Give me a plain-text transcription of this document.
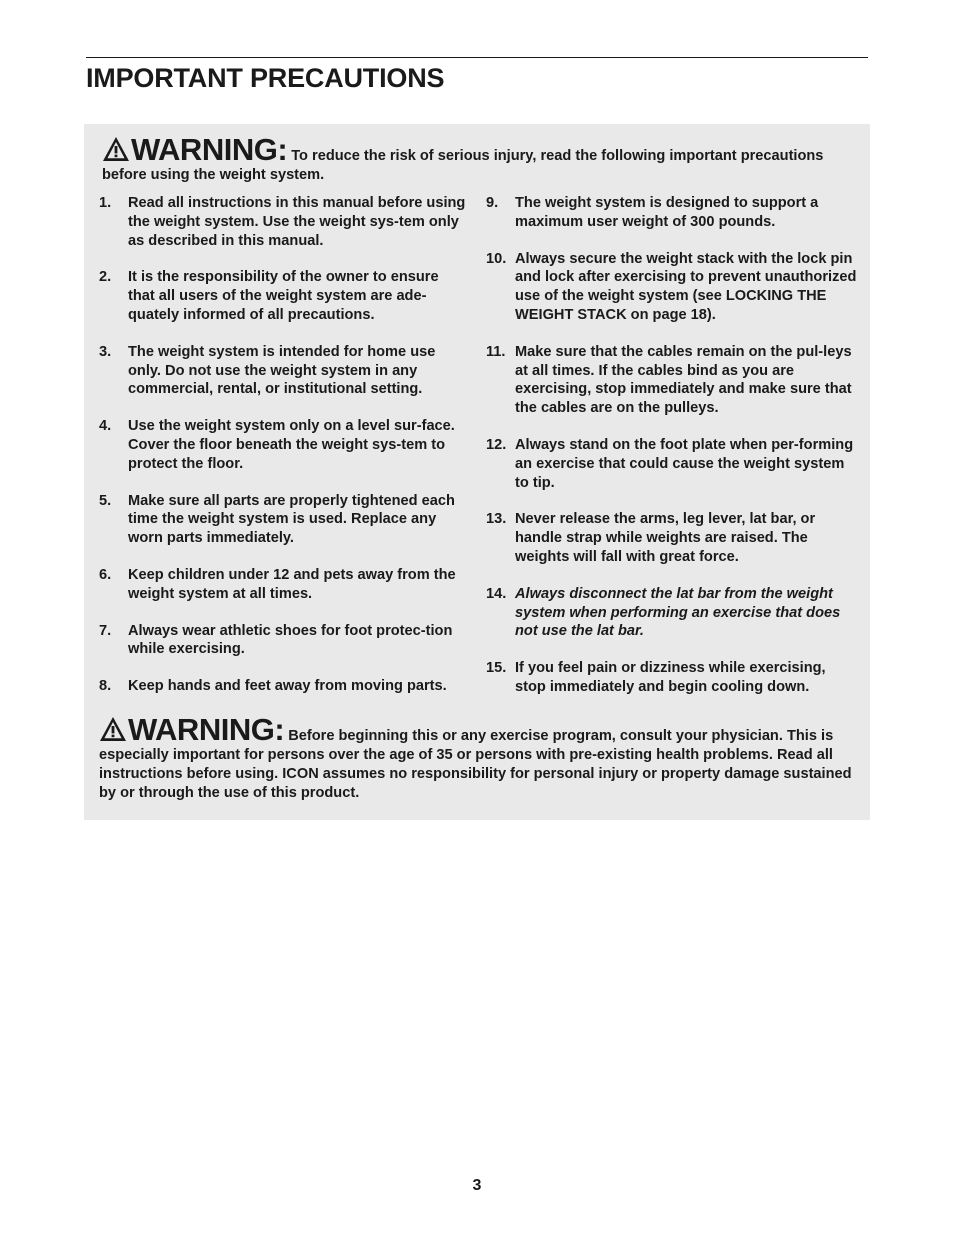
IMPORTANT PRECAUTIONS
WARNING: To reduce the risk of serious injury, read the following important precautions before using the weight system.
1. Read all instructions in this manual before using the weight system. Use the weight sys-tem only as described in this manual.
2. It is the responsibility of the owner to ensure that all users of the weight system are ade-quately informed of all precautions.
3. The weight system is intended for home use only. Do not use the weight system in any commercial, rental, or institutional setting.
4. Use the weight system only on a level sur-face. Cover the floor beneath the weight sys-tem to protect the floor.
5. Make sure all parts are properly tightened each time the weight system is used. Replace any worn parts immediately.
6. Keep children under 12 and pets away from the weight system at all times.
7. Always wear athletic shoes for foot protec-tion while exercising.
8. Keep hands and feet away from moving parts.
9. The weight system is designed to support a maximum user weight of 300 pounds.
10. Always secure the weight stack with the lock pin and lock after exercising to prevent unauthorized use of the weight system (see LOCKING THE WEIGHT STACK on page 18).
11. Make sure that the cables remain on the pul-leys at all times. If the cables bind as you are exercising, stop immediately and make sure that the cables are on the pulleys.
12. Always stand on the foot plate when per-forming an exercise that could cause the weight system to tip.
13. Never release the arms, leg lever, lat bar, or handle strap while weights are raised. The weights will fall with great force.
14. Always disconnect the lat bar from the weight system when performing an exercise that does not use the lat bar.
15. If you feel pain or dizziness while exercising, stop immediately and begin cooling down.
WARNING: Before beginning this or any exercise program, consult your physician. This is especially important for persons over the age of 35 or persons with pre-existing health problems. Read all instructions before using. ICON assumes no responsibility for personal injury or property damage sustained by or through the use of this product.
3
